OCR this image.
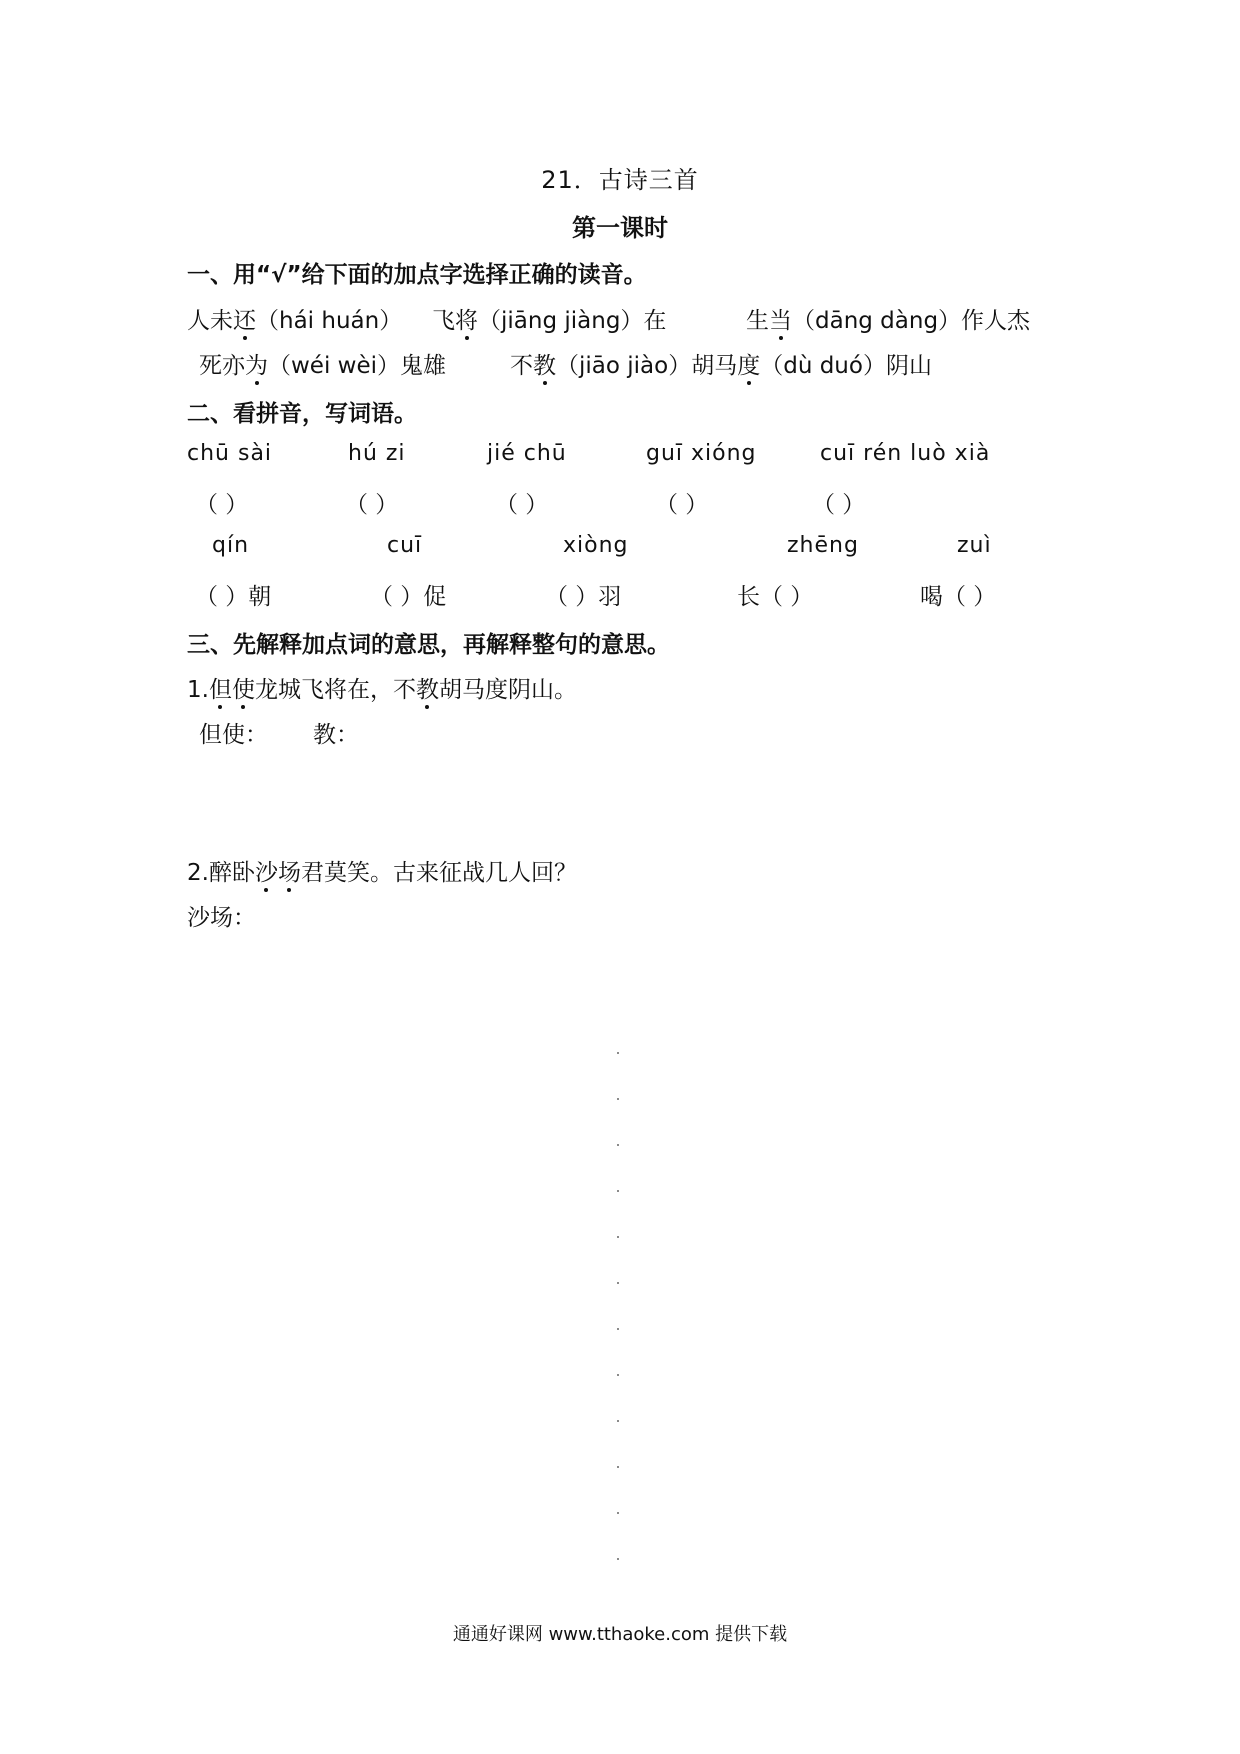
21．古诗三首
第一课时
一、用“√”给下面的加点字选择正确的读音。
人未还（hái huán） 飞将（jiāng jiàng）在	生当（dāng dàng）作人杰
死亦为（wéi wèi）鬼雄	不教（jiāo jiào）胡马度（dù duó）阴山
二、看拼音，写词语。
chū sài	hú zi	jié chū	guī xióng	cuī rén luò xià
（ ）	（ ）	（ ）	（ ）	（ ）
qín	cuī	xiòng	zhēng	zuì
（ ）朝	（ ）促	（ ）羽	长（ ）	喝（ ）
三、先解释加点词的意思，再解释整句的意思。
1.但使龙城飞将在，不教胡马度阴山。
但使： 教：
2.醉卧沙场君莫笑。古来征战几人回？
沙场：
通通好课网 www.tthaoke.com 提供下载
